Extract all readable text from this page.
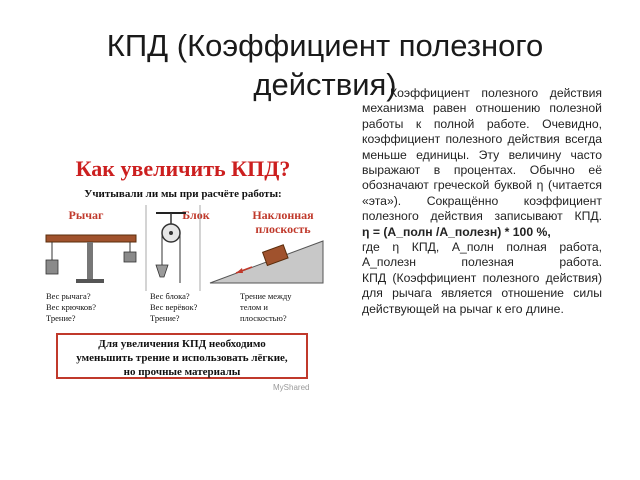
КПД (Коэффициент полезного действия)
Как увеличить КПД?
Учитывали ли мы при расчёте работы:
Рычаг	Блок	Наклонная
плоскость
Вес рычага?
Вес крючков?
Трение?
Вес блока?
Вес верёвок?
Трение?
Трение между
телом и
плоскостью?
Для увеличения КПД необходимо
уменьшить трение и использовать лёгкие,
но прочные материалы
MyShared

Коэффициент полезного действия механизма равен отношению полезной работы к полной работе. Очевидно, коэффициент полезного действия всегда меньше единицы. Эту величину часто выражают в процентах. Обычно её обозначают греческой буквой η (читается «эта»). Сокращённо коэффициент полезного действия записывают КПД.

η = (А_полн /А_полезн) * 100 %,

где η КПД, А_полн полная работа, А_полезн полезная работа.

КПД (Коэффициент полезного действия) для рычага является отношение силы действующей на рычаг к его длине.
